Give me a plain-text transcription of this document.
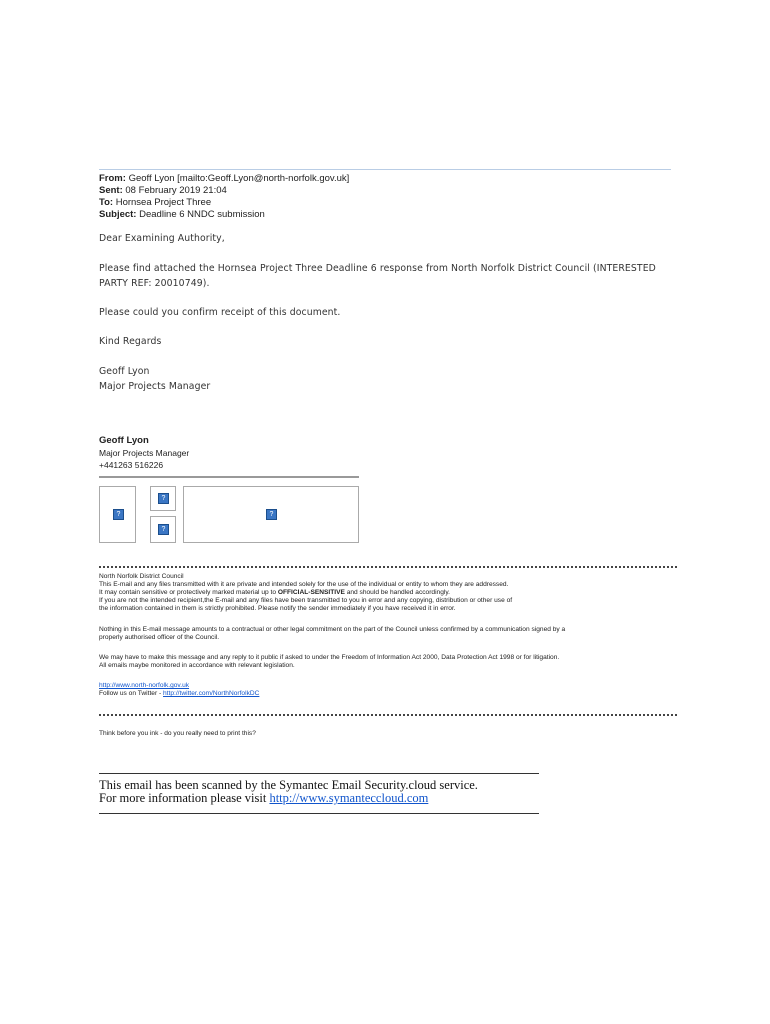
From: Geoff Lyon [mailto:Geoff.Lyon@north-norfolk.gov.uk]
Sent: 08 February 2019 21:04
To: Hornsea Project Three
Subject: Deadline 6 NNDC submission
Dear Examining Authority,
Please find attached the Hornsea Project Three Deadline 6 response from North Norfolk District Council (INTERESTED
PARTY REF: 20010749).
Please could you confirm receipt of this document.
Kind Regards
Geoff Lyon
Major Projects Manager
Geoff Lyon
Major Projects Manager
+441263 516226
?
?
?
?
North Norfolk District Council
This E-mail and any files transmitted with it are private and intended solely for the use of the individual or entity to whom they are addressed.
It may contain sensitive or protectively marked material up to OFFICIAL-SENSITIVE and should be handled accordingly.
If you are not the intended recipient,the E-mail and any files have been transmitted to you in error and any copying, distribution or other use of
the information contained in them is strictly prohibited. Please notify the sender immediately if you have received it in error.
Nothing in this E-mail message amounts to a contractual or other legal commitment on the part of the Council unless confirmed by a communication signed by a
properly authorised officer of the Council.
We may have to make this message and any reply to it public if asked to under the Freedom of Information Act 2000, Data Protection Act 1998 or for litigation.
All emails maybe monitored in accordance with relevant legislation.
http://www.north-norfolk.gov.uk
Follow us on Twitter - http://twitter.com/NorthNorfolkDC
Think before you ink - do you really need to print this?
This email has been scanned by the Symantec Email Security.cloud service.
For more information please visit http://www.symanteccloud.com
